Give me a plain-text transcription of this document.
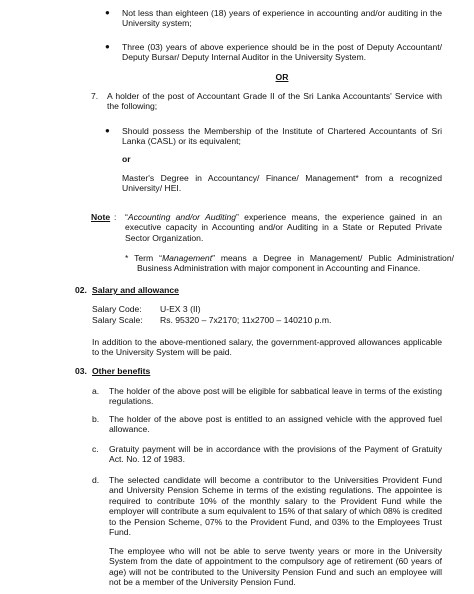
● Not less than eighteen (18) years of experience in accounting and/or auditing in the University system;

● Three (03) years of above experience should be in the post of Deputy Accountant/ Deputy Bursar/ Deputy Internal Auditor in the University System.

OR

7. A holder of the post of Accountant Grade II of the Sri Lanka Accountants' Service with the following;

● Should possess the Membership of the Institute of Chartered Accountants of Sri Lanka (CASL) or its equivalent;

or

Master's Degree in Accountancy/ Finance/ Management* from a recognized University/ HEI.

Note : “Accounting and/or Auditing” experience means, the experience gained in an executive capacity in Accounting and/or Auditing in a State or Reputed Private Sector Organization.

* Term “Management” means a Degree in Management/ Public Administration/ Business Administration with major component in Accounting and Finance.

02. Salary and allowance
Salary Code: U-EX 3 (II)
Salary Scale: Rs. 95320 – 7x2170; 11x2700 – 140210 p.m.

In addition to the above-mentioned salary, the government-approved allowances applicable to the University System will be paid.

03. Other benefits
a. The holder of the above post will be eligible for sabbatical leave in terms of the existing regulations.

b. The holder of the above post is entitled to an assigned vehicle with the approved fuel allowance.

c. Gratuity payment will be in accordance with the provisions of the Payment of Gratuity Act. No. 12 of 1983.

d. The selected candidate will become a contributor to the Universities Provident Fund and University Pension Scheme in terms of the existing regulations. The appointee is required to contribute 10% of the monthly salary to the Provident Fund while the employer will contribute a sum equivalent to 15% of that salary of which 08% is credited to the Pension Scheme, 07% to the Provident Fund, and 03% to the Employees Trust Fund.

The employee who will not be able to serve twenty years or more in the University System from the date of appointment to the compulsory age of retirement (60 years of age) will not be contributed to the University Pension Fund and such an employee will not be a member of the University Pension Fund.
